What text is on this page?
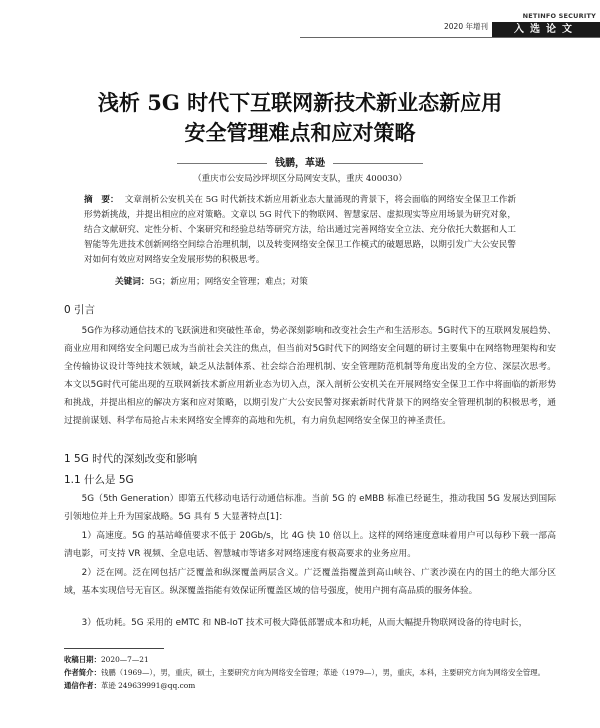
2020 年增刊
NETINFO SECURITY
入选论文
浅析 5G 时代下互联网新技术新业态新应用
安全管理难点和应对策略
钱鹏，革逊
（重庆市公安局沙坪坝区分局网安支队，重庆 400030）
摘　要： 文章剖析公安机关在 5G 时代新技术新应用新业态大量涌现的背景下，将会面临的网络安全保卫工作新形势新挑战，并提出相应的应对策略。文章以 5G 时代下的物联网、智慧家居、虚拟现实等应用场景为研究对象，结合文献研究、定性分析、个案研究和经验总结等研究方法，给出通过完善网络安全立法、充分依托大数据和人工智能等先进技术创新网络空间综合治理机制，以及转变网络安全保卫工作模式的破题思路，以期引发广大公安民警对如何有效应对网络安全发展形势的积极思考。
关键词：5G；新应用；网络安全管理；难点；对策
0 引言
5G作为移动通信技术的飞跃演进和突破性革命，势必深刻影响和改变社会生产和生活形态。5G时代下的互联网发展趋势、商业应用和网络安全问题已成为当前社会关注的焦点，但当前对5G时代下的网络安全问题的研讨主要集中在网络物理架构和安全传输协议设计等纯技术领域，缺乏从法制体系、社会综合治理机制、安全管理防范机制等角度出发的全方位、深层次思考。本文以5G时代可能出现的互联网新技术新应用新业态为切入点，深入剖析公安机关在开展网络安全保卫工作中将面临的新形势和挑战，并提出相应的解决方案和应对策略，以期引发广大公安民警对探索新时代背景下的网络安全管理机制的积极思考，通过提前谋划、科学布局抢占未来网络安全博弈的高地和先机，有力肩负起网络安全保卫的神圣责任。
1 5G 时代的深刻改变和影响
1.1 什么是 5G
5G（5th Generation）即第五代移动电话行动通信标准。当前 5G 的 eMBB 标准已经诞生，推动我国 5G 发展达到国际引领地位并上升为国家战略。5G 具有 5 大显著特点[1]：
1）高速度。5G 的基站峰值要求不低于 20Gb/s，比 4G 快 10 倍以上。这样的网络速度意味着用户可以每秒下载一部高清电影，可支持 VR 视频、全息电话、智慧城市等诸多对网络速度有极高要求的业务应用。
2）泛在网。泛在网包括广泛覆盖和纵深覆盖两层含义。广泛覆盖指覆盖到高山峡谷、广袤沙漠在内的国土的绝大部分区域，基本实现信号无盲区。纵深覆盖指能有效保证所覆盖区域的信号强度，使用户拥有高品质的服务体验。
3）低功耗。5G 采用的 eMTC 和 NB-IoT 技术可极大降低部署成本和功耗，从而大幅提升物联网设备的待电时长，
收稿日期：2020—7—21
作者简介：钱鹏（1969—），男，重庆，硕士，主要研究方向为网络安全管理；革逊（1979—），男，重庆，本科，主要研究方向为网络安全管理。
通信作者：革逊 249639991@qq.com
